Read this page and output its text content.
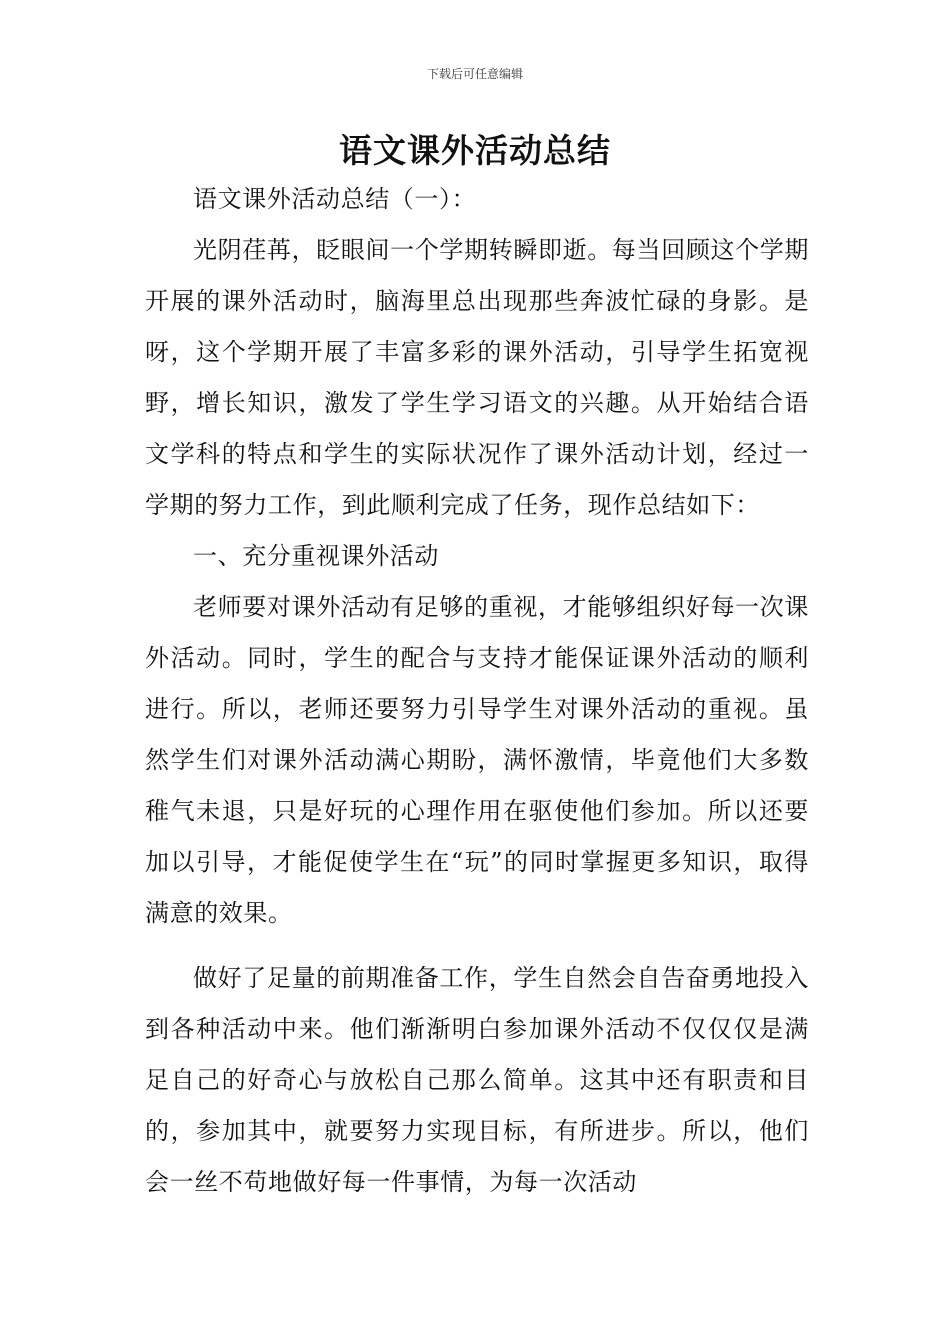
下载后可任意编辑
语文课外活动总结

语文课外活动总结（一）：

光阴荏苒，眨眼间一个学期转瞬即逝。每当回顾这个学期开展的课外活动时，脑海里总出现那些奔波忙碌的身影。是呀，这个学期开展了丰富多彩的课外活动，引导学生拓宽视野，增长知识，激发了学生学习语文的兴趣。从开始结合语文学科的特点和学生的实际状况作了课外活动计划，经过一学期的努力工作，到此顺利完成了任务，现作总结如下：

一、充分重视课外活动

老师要对课外活动有足够的重视，才能够组织好每一次课外活动。同时，学生的配合与支持才能保证课外活动的顺利进行。所以，老师还要努力引导学生对课外活动的重视。虽然学生们对课外活动满心期盼，满怀激情，毕竟他们大多数稚气未退，只是好玩的心理作用在驱使他们参加。所以还要加以引导，才能促使学生在“玩”的同时掌握更多知识，取得满意的效果。

做好了足量的前期准备工作，学生自然会自告奋勇地投入到各种活动中来。他们渐渐明白参加课外活动不仅仅仅是满足自己的好奇心与放松自己那么简单。这其中还有职责和目的，参加其中，就要努力实现目标，有所进步。所以，他们会一丝不苟地做好每一件事情，为每一次活动
